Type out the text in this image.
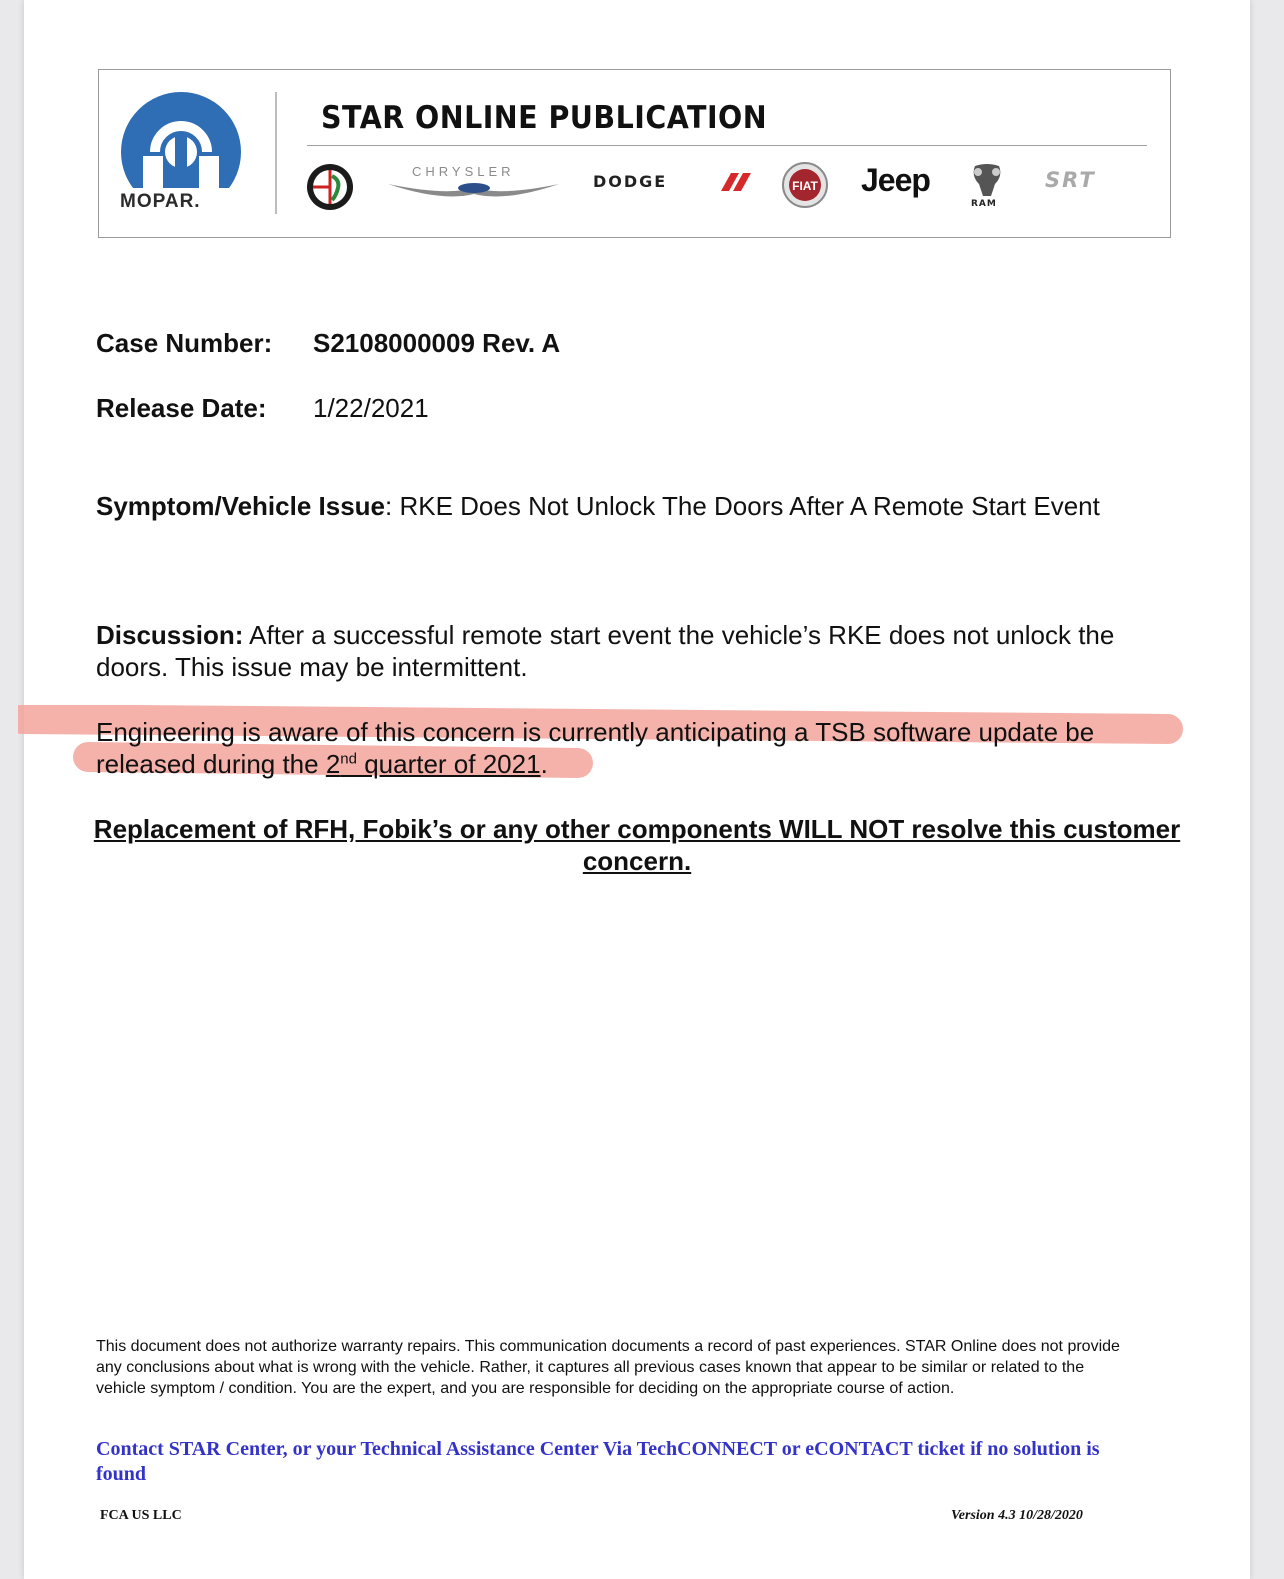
MOPAR.
STAR ONLINE PUBLICATION
CHRYSLER
DODGE	FIAT Jeep
RAM
SRT
Case Number: S2108000009 Rev. A
Release Date: 1/22/2021
Symptom/Vehicle Issue: RKE Does Not Unlock The Doors After A Remote Start Event
Discussion: After a successful remote start event the vehicle’s RKE does not unlock the doors. This issue may be intermittent.
Engineering is aware of this concern is currently anticipating a TSB software update be released during the 2nd quarter of 2021.
Replacement of RFH, Fobik’s or any other components WILL NOT resolve this customer concern.
This document does not authorize warranty repairs. This communication documents a record of past experiences. STAR Online does not provide any conclusions about what is wrong with the vehicle. Rather, it captures all previous cases known that appear to be similar or related to the vehicle symptom / condition. You are the expert, and you are responsible for deciding on the appropriate course of action.
Contact STAR Center, or your Technical Assistance Center Via TechCONNECT or eCONTACT ticket if no solution is found
FCA US LLC	Version 4.3 10/28/2020
